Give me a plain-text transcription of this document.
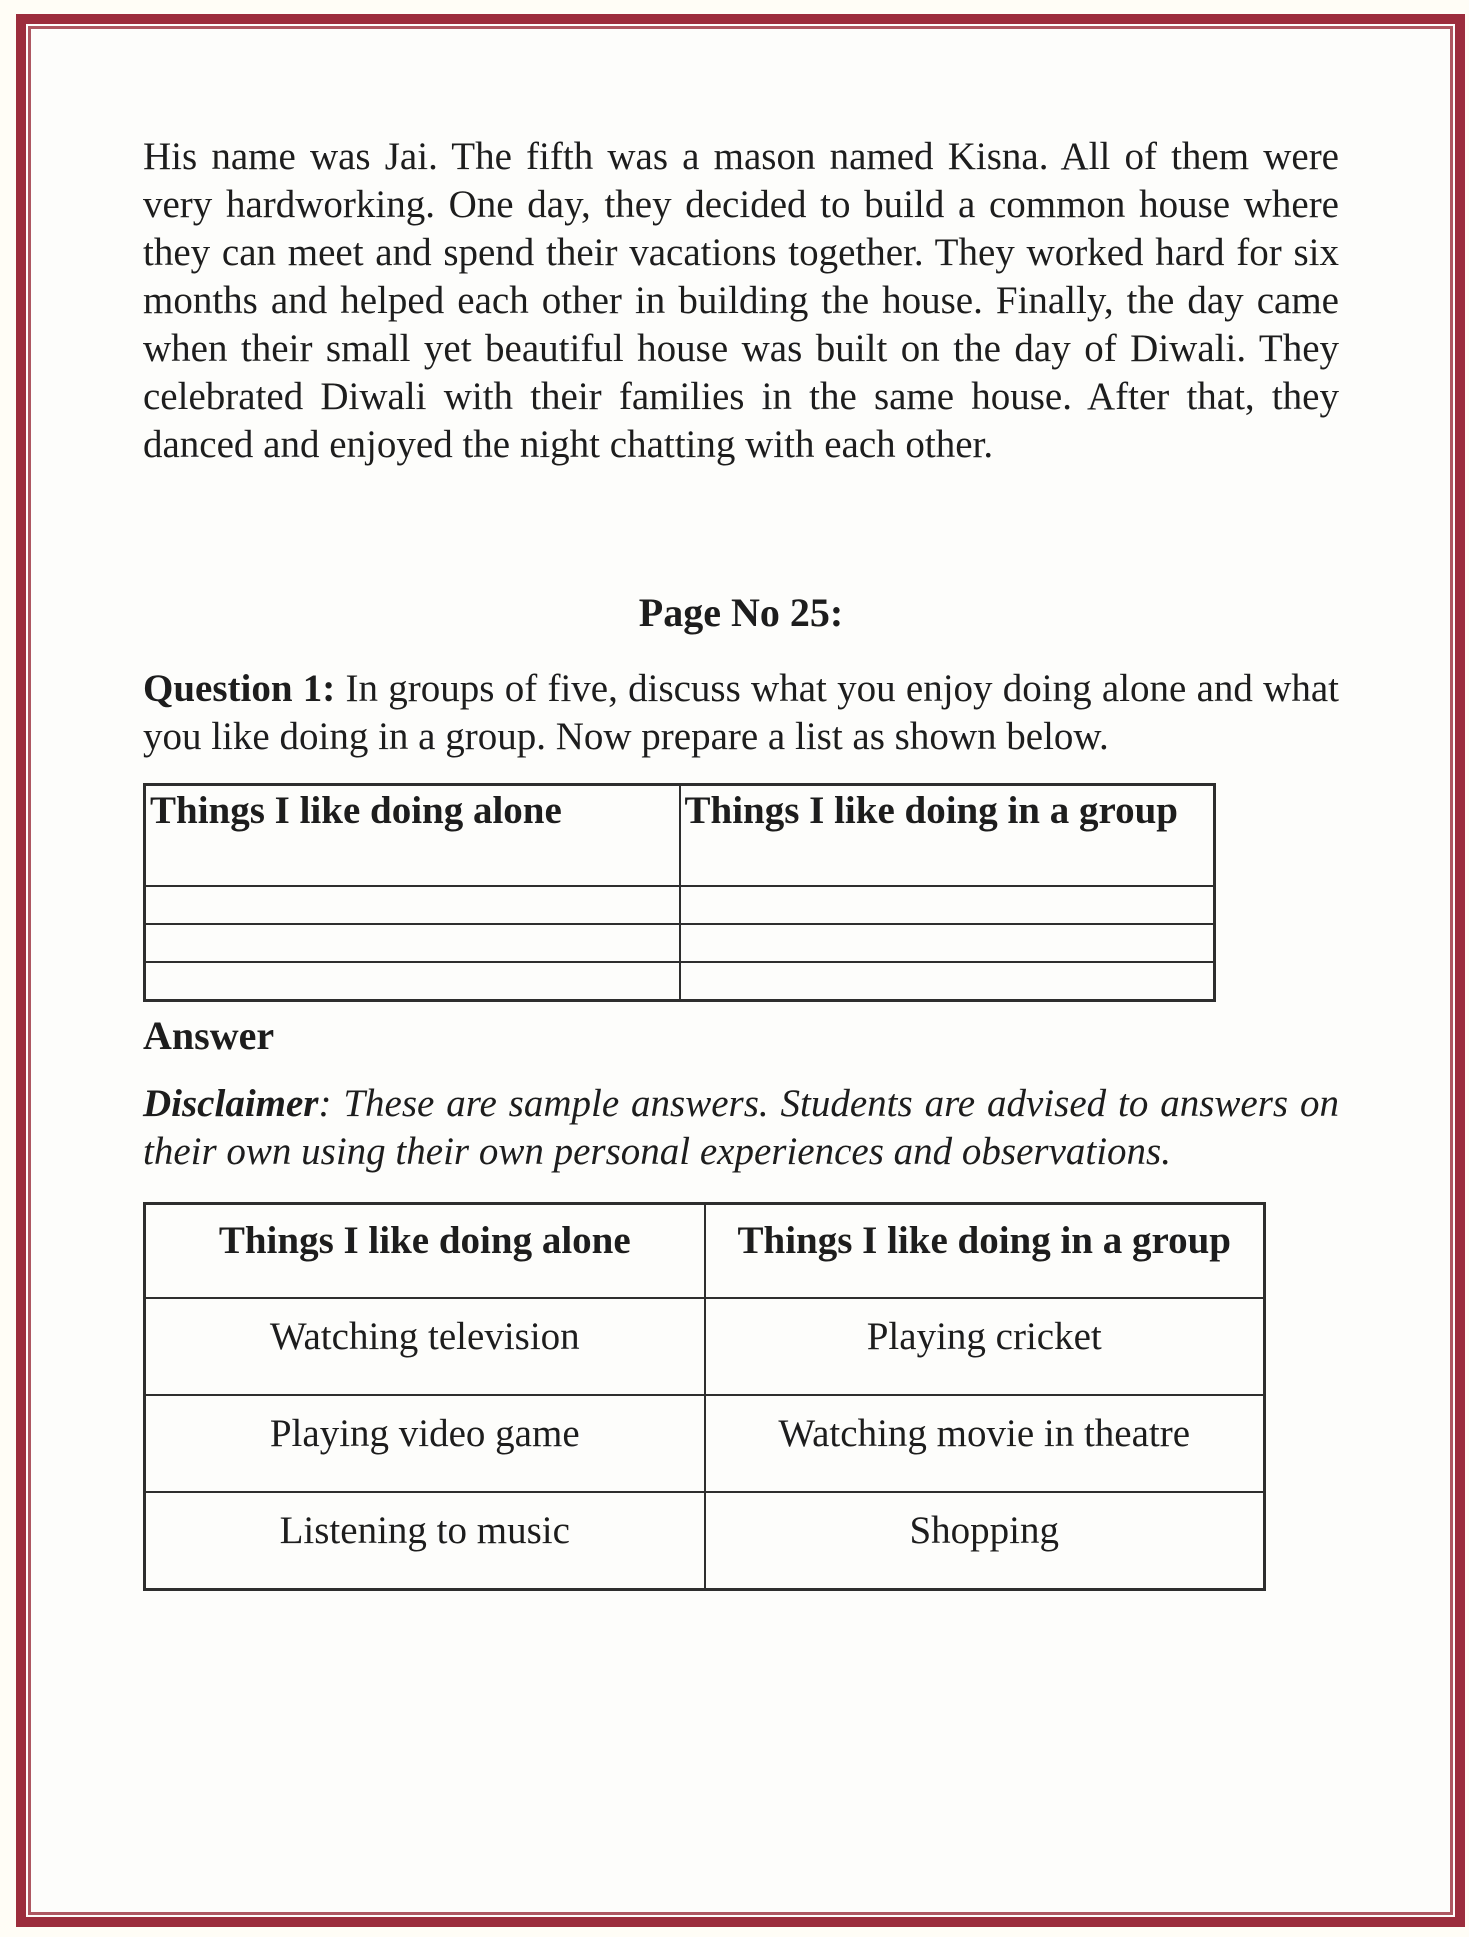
His name was Jai. The fifth was a mason named Kisna. All of them were very hardworking. One day, they decided to build a common house where they can meet and spend their vacations together. They worked hard for six months and helped each other in building the house. Finally, the day came when their small yet beautiful house was built on the day of Diwali. They celebrated Diwali with their families in the same house. After that, they danced and enjoyed the night chatting with each other.

Page No 25:

Question 1: In groups of five, discuss what you enjoy doing alone and what you like doing in a group. Now prepare a list as shown below.

Things I like doing alone	Things I like doing in a group

Answer

Disclaimer: These are sample answers. Students are advised to answers on their own using their own personal experiences and observations.

Things I like doing alone	Things I like doing in a group
Watching television	Playing cricket
Playing video game	Watching movie in theatre
Listening to music	Shopping
